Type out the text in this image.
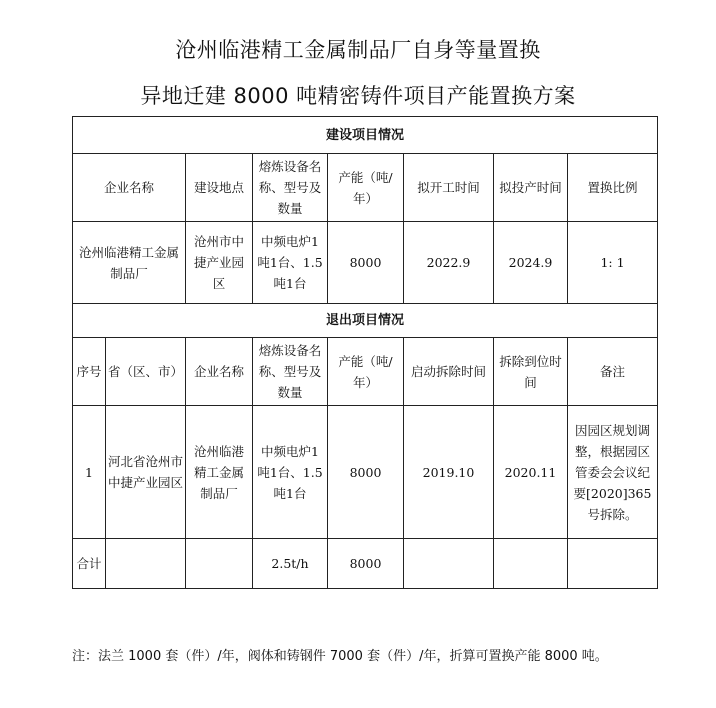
沧州临港精工金属制品厂自身等量置换
异地迁建 8000 吨精密铸件项目产能置换方案
建设项目情况							
企业名称		建设地点	熔炼设备名称、型号及数量	产能（吨/年）	拟开工时间	拟投产时间	置换比例
沧州临港精工金属制品厂		沧州市中捷产业园区	中频电炉1吨1台、1.5吨1台	8000	2022.9	2024.9	1: 1
退出项目情况							
序号	省（区、市）	企业名称	熔炼设备名称、型号及数量	产能（吨/年）	启动拆除时间	拆除到位时间	备注
1	河北省沧州市中捷产业园区	沧州临港精工金属制品厂	中频电炉1吨1台、1.5吨1台	8000	2019.10	2020.11	因园区规划调整，根据园区管委会会议纪要[2020]365号拆除。
合计			2.5t/h	8000			
注：法兰 1000 套（件）/年，阀体和铸钢件 7000 套（件）/年，折算可置换产能 8000 吨。
